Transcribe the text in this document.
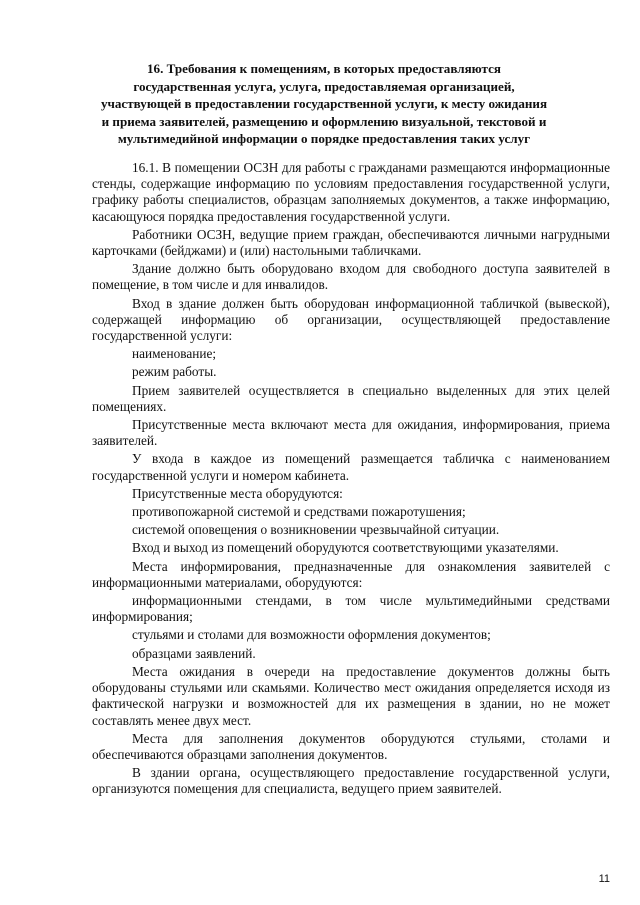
16. Требования к помещениям, в которых предоставляются
государственная услуга, услуга, предоставляемая организацией,
участвующей в предоставлении государственной услуги, к месту ожидания
и приема заявителей, размещению и оформлению визуальной, текстовой и
мультимедийной информации о порядке предоставления таких услуг

16.1. В помещении ОСЗН для работы с гражданами размещаются информационные стенды, содержащие информацию по условиям предоставления государственной услуги, графику работы специалистов, образцам заполняемых документов, а также информацию, касающуюся порядка предоставления государственной услуги.

Работники ОСЗН, ведущие прием граждан, обеспечиваются личными нагрудными карточками (бейджами) и (или) настольными табличками.

Здание должно быть оборудовано входом для свободного доступа заявителей в помещение, в том числе и для инвалидов.

Вход в здание должен быть оборудован информационной табличкой (вывеской), содержащей информацию об организации, осуществляющей предоставление государственной услуги:

наименование;

режим работы.

Прием заявителей осуществляется в специально выделенных для этих целей помещениях.

Присутственные места включают места для ожидания, информирования, приема заявителей.

У входа в каждое из помещений размещается табличка с наименованием государственной услуги и номером кабинета.

Присутственные места оборудуются:

противопожарной системой и средствами пожаротушения;

системой оповещения о возникновении чрезвычайной ситуации.

Вход и выход из помещений оборудуются соответствующими указателями.

Места информирования, предназначенные для ознакомления заявителей с информационными материалами, оборудуются:

информационными стендами, в том числе мультимедийными средствами информирования;

стульями и столами для возможности оформления документов;

образцами заявлений.

Места ожидания в очереди на предоставление документов должны быть оборудованы стульями или скамьями. Количество мест ожидания определяется исходя из фактической нагрузки и возможностей для их размещения в здании, но не может составлять менее двух мест.

Места для заполнения документов оборудуются стульями, столами и обеспечиваются образцами заполнения документов.

В здании органа, осуществляющего предоставление государственной услуги, организуются помещения для специалиста, ведущего прием заявителей.

11
